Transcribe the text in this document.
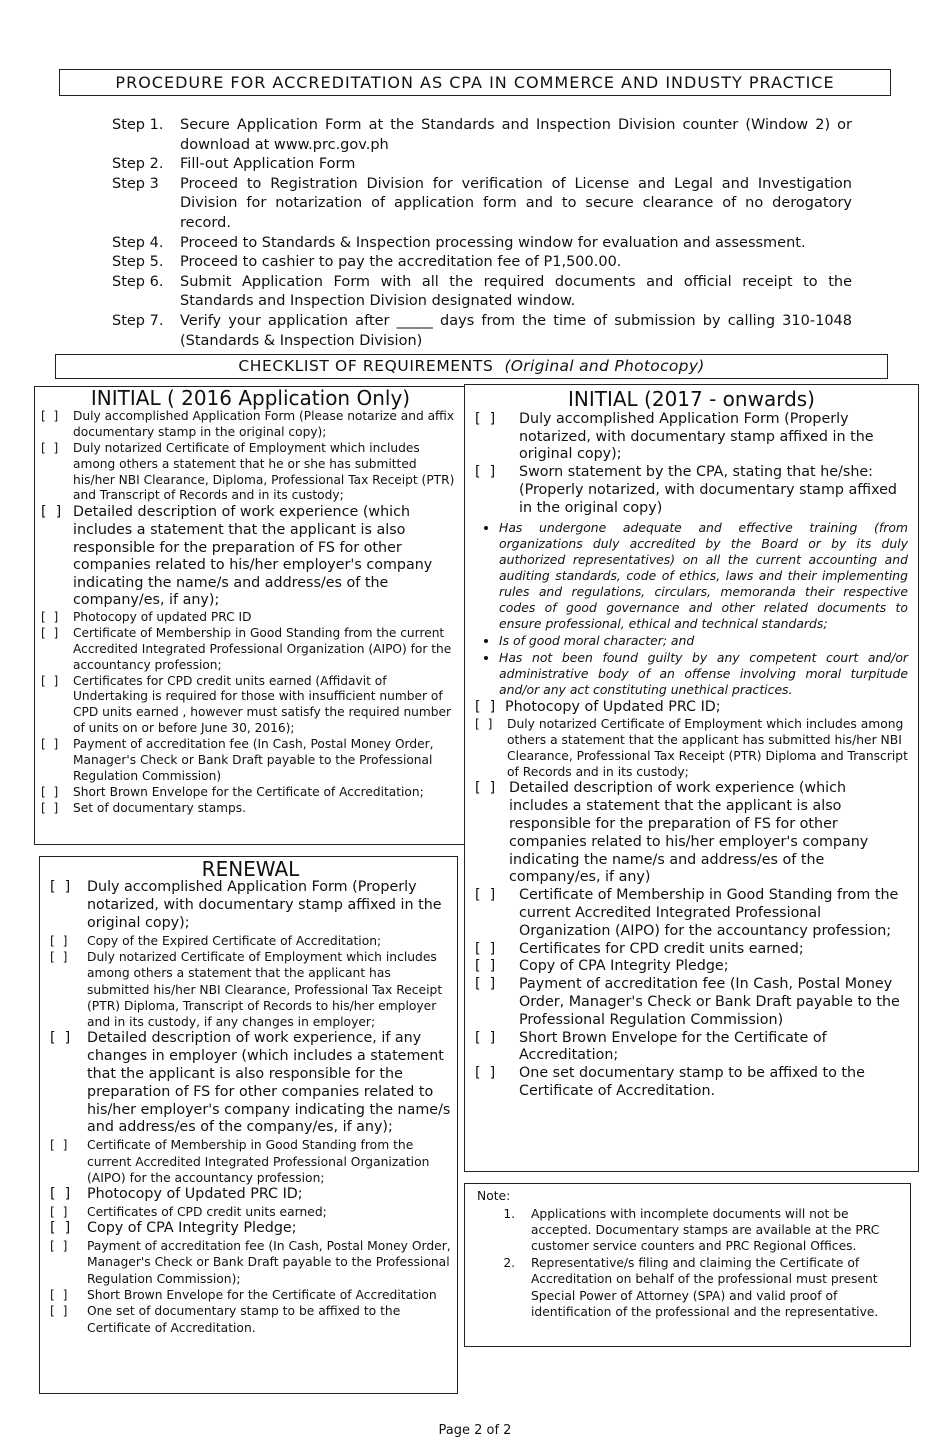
PROCEDURE FOR ACCREDITATION AS CPA IN COMMERCE AND INDUSTY PRACTICE
Step 1.	Secure Application Form at the Standards and Inspection Division counter (Window 2) or download at www.prc.gov.ph
Step 2.	Fill-out Application Form
Step 3	Proceed to Registration Division for verification of License and Legal and Investigation Division for notarization of application form and to secure clearance of no derogatory record.
Step 4.	Proceed to Standards & Inspection processing window for evaluation and assessment.
Step 5.	Proceed to cashier to pay the accreditation fee of P1,500.00.
Step 6.	Submit Application Form with all the required documents and official receipt to the Standards and Inspection Division designated window.
Step 7.	Verify your application after _____ days from the time of submission by calling 310-1048 (Standards & Inspection Division)
CHECKLIST OF REQUIREMENTS (Original and Photocopy)
INITIAL ( 2016 Application Only)
[  ]	Duly accomplished Application Form (Please notarize and affix documentary stamp in the original copy);
[  ]	Duly notarized Certificate of Employment which includes among others a statement that he or she has submitted his/her NBI Clearance, Diploma, Professional Tax Receipt (PTR) and Transcript of Records and in its custody;
[  ] Detailed description of work experience (which includes a statement that the applicant is also responsible for the preparation of FS for other companies related to his/her employer's company indicating the name/s and address/es of the company/es, if any);
[  ]	Photocopy of updated PRC ID
[  ]	Certificate of Membership in Good Standing from the current Accredited Integrated Professional Organization (AIPO) for the accountancy profession;
[  ]	Certificates for CPD credit units earned (Affidavit of Undertaking is required for those with insufficient number of CPD units earned , however must satisfy the required number of units on or before June 30, 2016);
[  ]	Payment of accreditation fee (In Cash, Postal Money Order, Manager's Check or Bank Draft payable to the Professional Regulation Commission)
[  ]	Short Brown Envelope for the Certificate of Accreditation;
[  ]	Set of documentary stamps.
RENEWAL
[  ]	Duly accomplished Application Form (Properly notarized, with documentary stamp affixed in the original copy);
[  ]	Copy of the Expired Certificate of Accreditation;
[  ]	Duly notarized Certificate of Employment which includes among others a statement that the applicant has submitted his/her NBI Clearance, Professional Tax Receipt (PTR) Diploma, Transcript of Records to his/her employer and in its custody, if any changes in employer;
[  ]	Detailed description of work experience, if any changes in employer (which includes a statement that the applicant is also responsible for the preparation of FS for other companies related to his/her employer's company indicating the name/s and address/es of the company/es, if any);
[  ]	Certificate of Membership in Good Standing from the current Accredited Integrated Professional Organization (AIPO) for the accountancy profession;
[  ]	Photocopy of Updated PRC ID;
[  ]	Certificates of CPD credit units earned;
[  ]	Copy of CPA Integrity Pledge;
[  ]	Payment of accreditation fee (In Cash, Postal Money Order, Manager's Check or Bank Draft payable to the Professional Regulation Commission);
[  ]	Short Brown Envelope for the Certificate of Accreditation
[  ]	One set of documentary stamp to be affixed to the Certificate of Accreditation.
INITIAL (2017 - onwards)
[  ]	Duly accomplished Application Form (Properly notarized, with documentary stamp affixed in the original copy);
[  ]	Sworn statement by the CPA, stating that he/she: (Properly notarized, with documentary stamp affixed in the original copy)
• Has undergone adequate and effective training (from organizations duly accredited by the Board or by its duly authorized representatives) on all the current accounting and auditing standards, code of ethics, laws and their implementing rules and regulations, circulars, memoranda their respective codes of good governance and other related documents to ensure professional, ethical and technical standards;
• Is of good moral character; and
• Has not been found guilty by any competent court and/or administrative body of an offense involving moral turpitude and/or any act constituting unethical practices.
[  ] Photocopy of Updated PRC ID;
[  ]	Duly notarized Certificate of Employment which includes among others a statement that the applicant has submitted his/her NBI Clearance, Professional Tax Receipt (PTR) Diploma and Transcript of Records and in its custody;
[  ] Detailed description of work experience (which includes a statement that the applicant is also responsible for the preparation of FS for other companies related to his/her employer's company indicating the name/s and address/es of the company/es, if any)
[  ]	Certificate of Membership in Good Standing from the current Accredited Integrated Professional Organization (AIPO) for the accountancy profession;
[  ]	Certificates for CPD credit units earned;
[  ]	Copy of CPA Integrity Pledge;
[  ]	Payment of accreditation fee (In Cash, Postal Money Order, Manager's Check or Bank Draft payable to the Professional Regulation Commission)
[  ]	Short Brown Envelope for the Certificate of Accreditation;
[  ]	One set documentary stamp to be affixed to the Certificate of Accreditation.
Note:
1. Applications with incomplete documents will not be accepted. Documentary stamps are available at the PRC customer service counters and PRC Regional Offices.
2. Representative/s filing and claiming the Certificate of Accreditation on behalf of the professional must present Special Power of Attorney (SPA) and valid proof of identification of the professional and the representative.
Page 2 of 2
